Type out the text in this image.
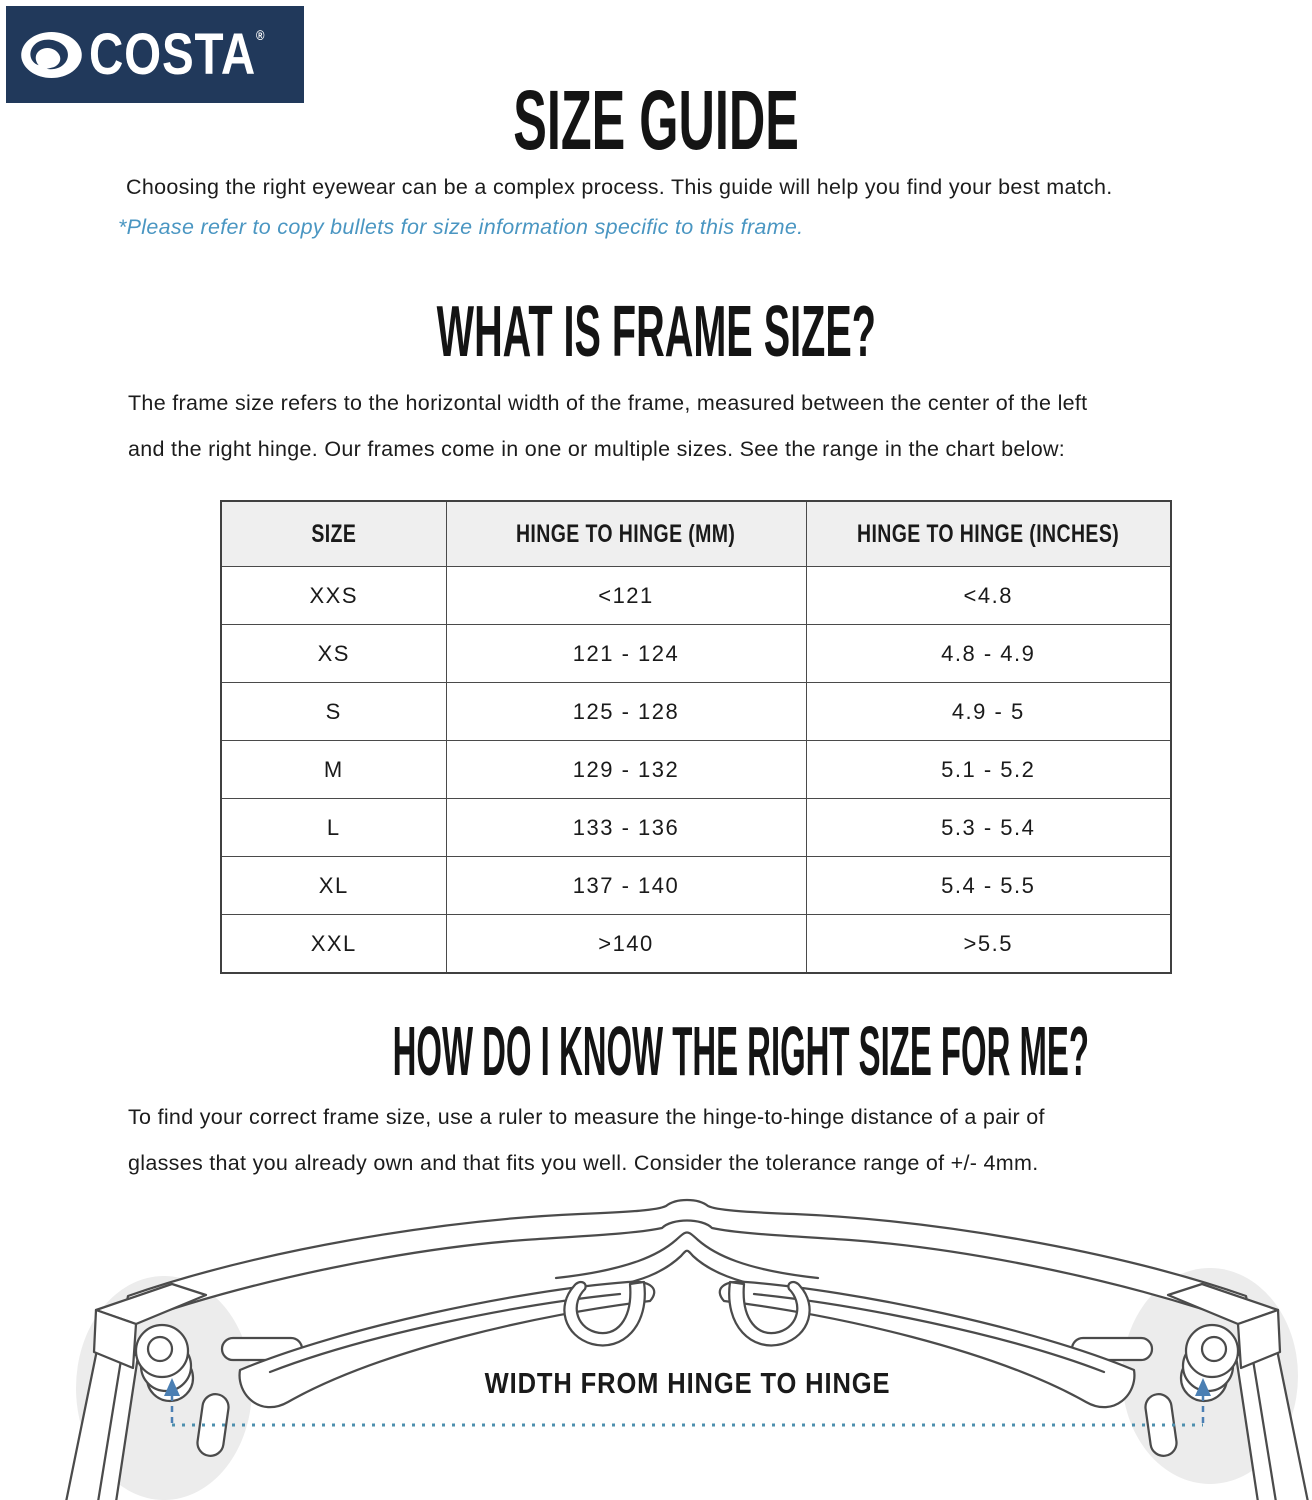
COSTA®
SIZE GUIDE

Choosing the right eyewear can be a complex process. This guide will help you find your best match.

*Please refer to copy bullets for size information specific to this frame.

WHAT IS FRAME SIZE?

The frame size refers to the horizontal width of the frame, measured between the center of the left
and the right hinge. Our frames come in one or multiple sizes. See the range in the chart below:

SIZE	HINGE TO HINGE (MM)	HINGE TO HINGE (INCHES)
XXS	<121	<4.8
XS	121 - 124	4.8 - 4.9
S	125 - 128	4.9 - 5
M	129 - 132	5.1 - 5.2
L	133 - 136	5.3 - 5.4
XL	137 - 140	5.4 - 5.5
XXL	>140	>5.5
HOW DO I KNOW THE RIGHT SIZE FOR ME?

To find your correct frame size, use a ruler to measure the hinge-to-hinge distance of a pair of
glasses that you already own and that fits you well. Consider the tolerance range of +/- 4mm.

WIDTH FROM HINGE TO HINGE
